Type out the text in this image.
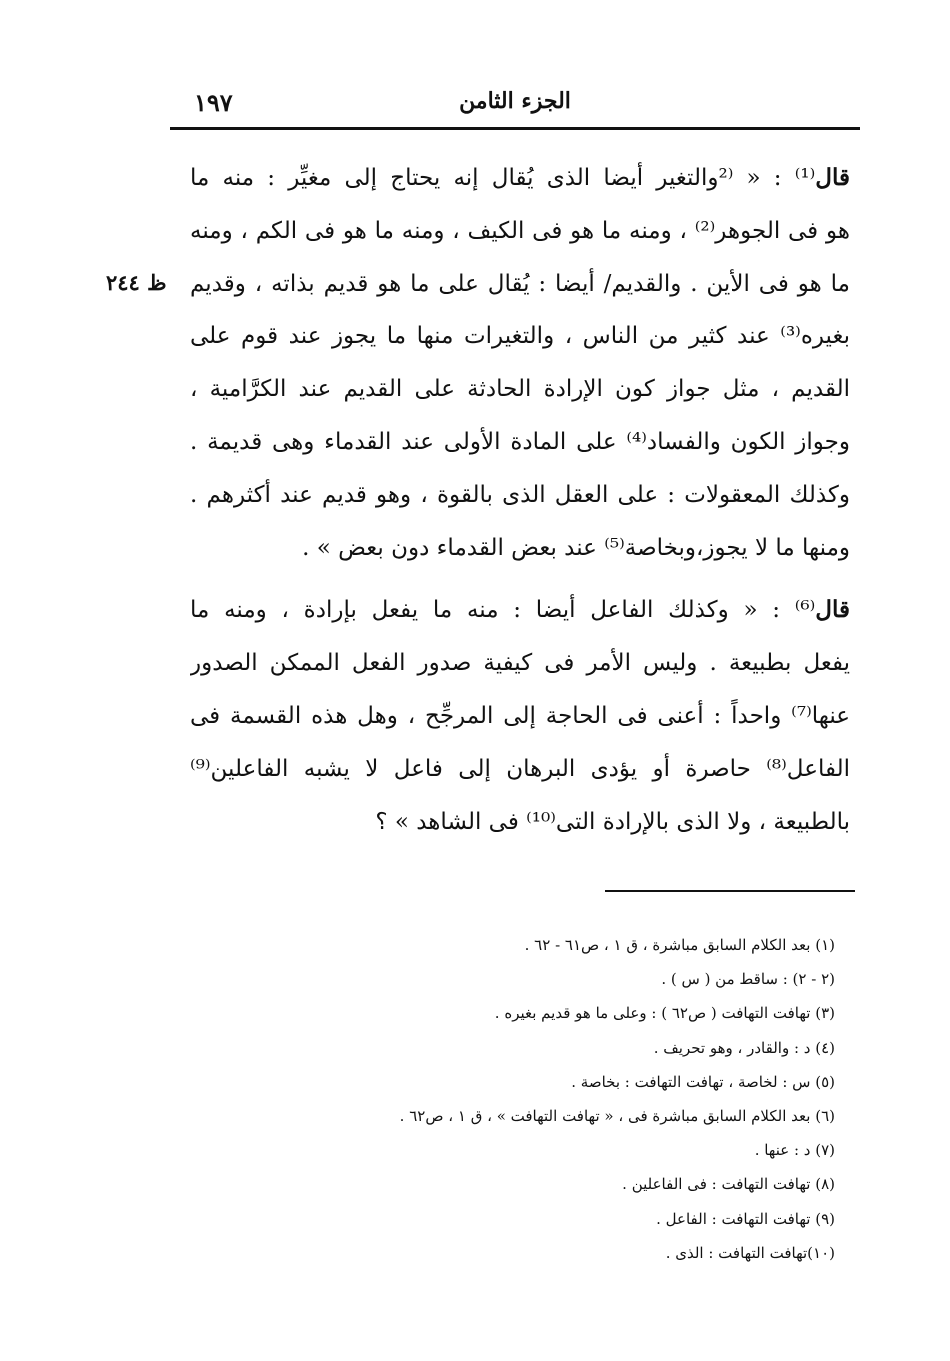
١٩٧	الجزء الثامن
ظ ٢٤٤
قال⁽¹⁾ : « ⁽²والتغير أيضا الذى يُقال إنه يحتاج إلى مغيِّر : منه ما
هو فى الجوهر⁽²⁾ ، ومنه ما هو فى الكيف ، ومنه ما هو فى الكم ، ومنه
ما هو فى الأين . والقديم/ أيضا : يُقال على ما هو قديم بذاته ، وقديم
بغيره⁽³⁾ عند كثير من الناس ، والتغيرات منها ما يجوز عند قوم على
القديم ، مثل جواز كون الإرادة الحادثة على القديم عند الكرَّامية ،
وجواز الكون والفساد⁽⁴⁾ على المادة الأولى عند القدماء وهى قديمة .
وكذلك المعقولات : على العقل الذى بالقوة ، وهو قديم عند أكثرهم .
ومنها ما لا يجوز،وبخاصة⁽⁵⁾ عند بعض القدماء دون بعض » .
قال⁽⁶⁾ : « وكذلك الفاعل أيضا : منه ما يفعل بإرادة ، ومنه ما
يفعل بطبيعة . وليس الأمر فى كيفية صدور الفعل الممكن الصدور
عنها⁽⁷⁾ واحداً : أعنى فى الحاجة إلى المرجِّح ، وهل هذه القسمة فى
الفاعل⁽⁸⁾ حاصرة أو يؤدى البرهان إلى فاعل لا يشبه الفاعلين⁽⁹⁾
بالطبيعة ، ولا الذى بالإرادة التى⁽¹⁰⁾ فى الشاهد » ؟
(١) بعد الكلام السابق مباشرة ، ق ١ ، ص٦١ - ٦٢ .
(٢ - ٢) : ساقط من ( س ) .
(٣) تهافت التهافت ( ص٦٢ ) : وعلى ما هو قديم بغيره .
(٤) د : والقادر ، وهو تحريف .
(٥) س : لخاصة ، تهافت التهافت : بخاصة .
(٦) بعد الكلام السابق مباشرة فى ، « تهافت التهافت » ، ق ١ ، ص٦٢ .
(٧) د : عنها .
(٨) تهافت التهافت : فى الفاعلين .
(٩) تهافت التهافت : الفاعل .
(١٠)تهافت التهافت : الذى .
